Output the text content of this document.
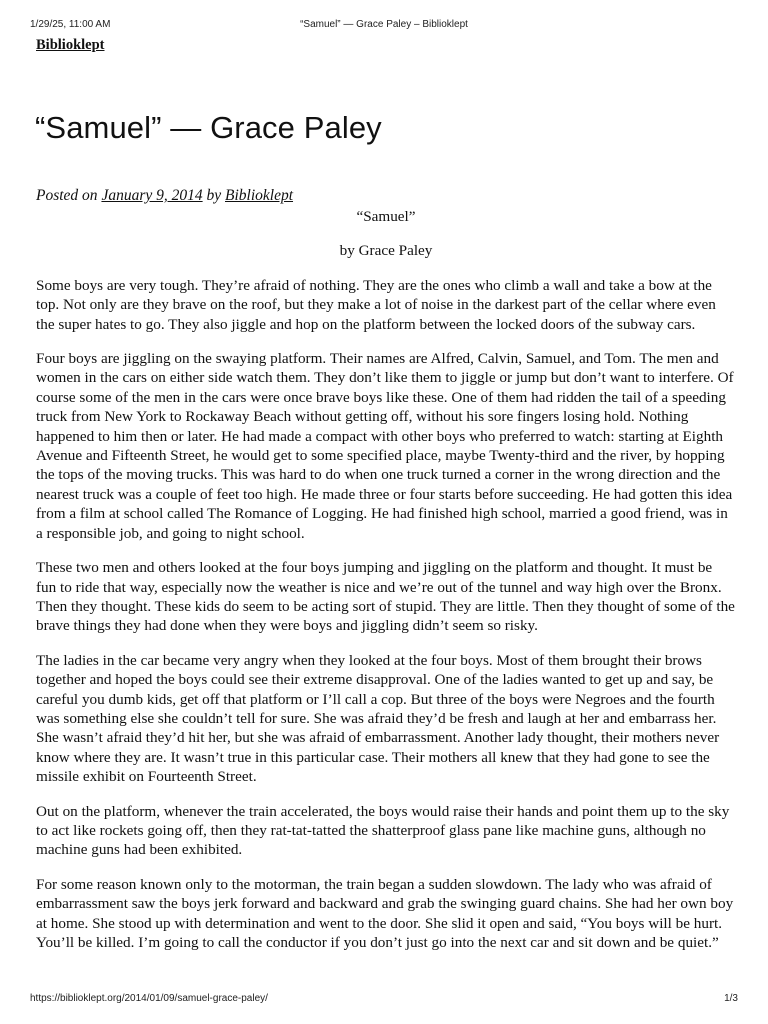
1/29/25, 11:00 AM	“Samuel” — Grace Paley – Biblioklept
Biblioklept
“Samuel” — Grace Paley
Posted on January 9, 2014 by Biblioklept

“Samuel”

by Grace Paley

Some boys are very tough. They’re afraid of nothing. They are the ones who climb a wall and take a bow at the top. Not only are they brave on the roof, but they make a lot of noise in the darkest part of the cellar where even the super hates to go. They also jiggle and hop on the platform between the locked doors of the subway cars.

Four boys are jiggling on the swaying platform. Their names are Alfred, Calvin, Samuel, and Tom. The men and women in the cars on either side watch them. They don’t like them to jiggle or jump but don’t want to interfere. Of course some of the men in the cars were once brave boys like these. One of them had ridden the tail of a speeding truck from New York to Rockaway Beach without getting off, without his sore fingers losing hold. Nothing happened to him then or later. He had made a compact with other boys who preferred to watch: starting at Eighth Avenue and Fifteenth Street, he would get to some specified place, maybe Twenty-third and the river, by hopping the tops of the moving trucks. This was hard to do when one truck turned a corner in the wrong direction and the nearest truck was a couple of feet too high. He made three or four starts before succeeding. He had gotten this idea from a film at school called The Romance of Logging. He had finished high school, married a good friend, was in a responsible job, and going to night school.

These two men and others looked at the four boys jumping and jiggling on the platform and thought. It must be fun to ride that way, especially now the weather is nice and we’re out of the tunnel and way high over the Bronx. Then they thought. These kids do seem to be acting sort of stupid. They are little. Then they thought of some of the brave things they had done when they were boys and jiggling didn’t seem so risky.

The ladies in the car became very angry when they looked at the four boys. Most of them brought their brows together and hoped the boys could see their extreme disapproval. One of the ladies wanted to get up and say, be careful you dumb kids, get off that platform or I’ll call a cop. But three of the boys were Negroes and the fourth was something else she couldn’t tell for sure. She was afraid they’d be fresh and laugh at her and embarrass her. She wasn’t afraid they’d hit her, but she was afraid of embarrassment. Another lady thought, their mothers never know where they are. It wasn’t true in this particular case. Their mothers all knew that they had gone to see the missile exhibit on Fourteenth Street.

Out on the platform, whenever the train accelerated, the boys would raise their hands and point them up to the sky to act like rockets going off, then they rat-tat-tatted the shatterproof glass pane like machine guns, although no machine guns had been exhibited.

For some reason known only to the motorman, the train began a sudden slowdown. The lady who was afraid of embarrassment saw the boys jerk forward and backward and grab the swinging guard chains. She had her own boy at home. She stood up with determination and went to the door. She slid it open and said, “You boys will be hurt. You’ll be killed. I’m going to call the conductor if you don’t just go into the next car and sit down and be quiet.”

https://biblioklept.org/2014/01/09/samuel-grace-paley/	1/3
